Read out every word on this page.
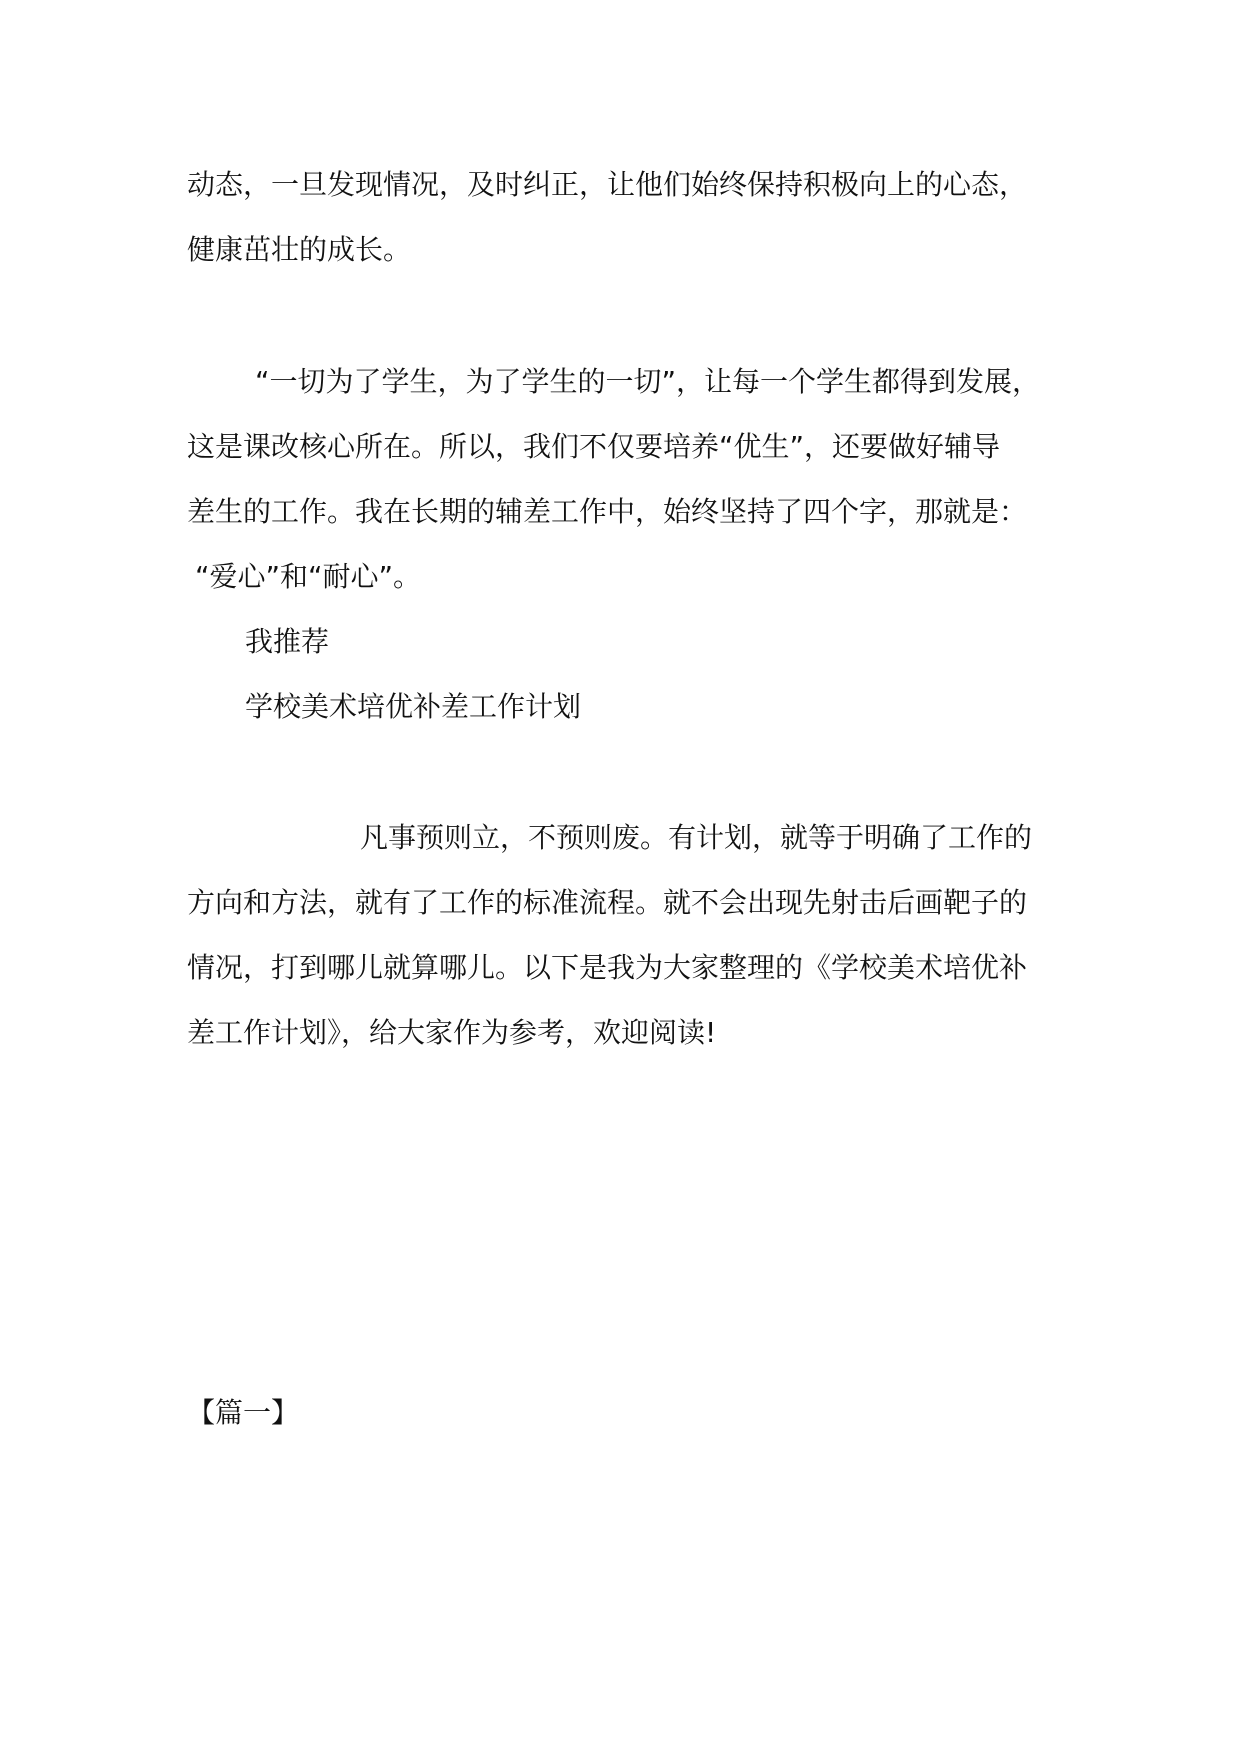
动态，一旦发现情况，及时纠正，让他们始终保持积极向上的心态，
健康茁壮的成长。
“一切为了学生，为了学生的一切”，让每一个学生都得到发展，
这是课改核心所在。所以，我们不仅要培养“优生”，还要做好辅导
差生的工作。我在长期的辅差工作中，始终坚持了四个字，那就是：
“爱心”和“耐心”。
我推荐
学校美术培优补差工作计划
凡事预则立，不预则废。有计划，就等于明确了工作的
方向和方法，就有了工作的标准流程。就不会出现先射击后画靶子的
情况，打到哪儿就算哪儿。以下是我为大家整理的《学校美术培优补
差工作计划》，给大家作为参考，欢迎阅读!
【篇一】
